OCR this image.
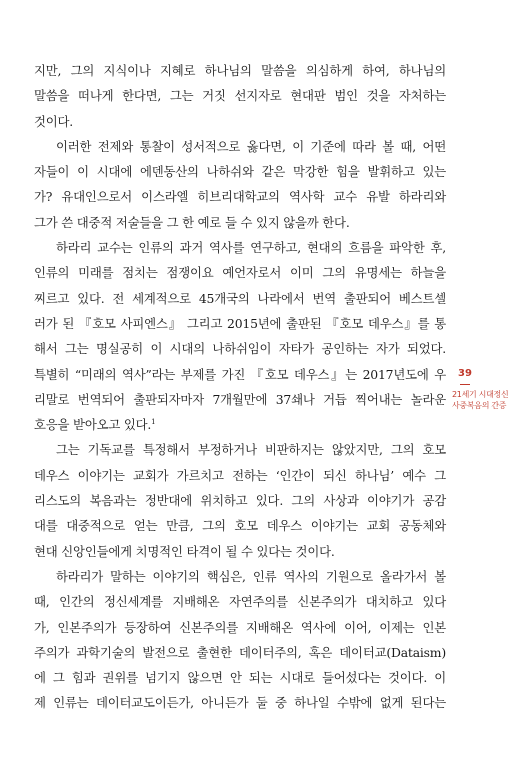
지만, 그의 지식이나 지혜로 하나님의 말씀을 의심하게 하여, 하나님의
말씀을 떠나게 한다면, 그는 거짓 선지자로 현대판 범인 것을 자처하는
것이다.
이러한 전제와 통찰이 성서적으로 옳다면, 이 기준에 따라 볼 때, 어떤
자들이 이 시대에 에덴동산의 나하쉬와 같은 막강한 힘을 발휘하고 있는
가? 유대인으로서 이스라엘 히브리대학교의 역사학 교수 유발 하라리와
그가 쓴 대중적 저술들을 그 한 예로 들 수 있지 않을까 한다.
하라리 교수는 인류의 과거 역사를 연구하고, 현대의 흐름을 파악한 후,
인류의 미래를 점치는 점쟁이요 예언자로서 이미 그의 유명세는 하늘을
찌르고 있다. 전 세계적으로 45개국의 나라에서 번역 출판되어 베스트셀
러가 된 『호모 사피엔스』 그리고 2015년에 출판된 『호모 데우스』를 통
해서 그는 명실공히 이 시대의 나하쉬임이 자타가 공인하는 자가 되었다.
특별히 “미래의 역사”라는 부제를 가진 『호모 데우스』는 2017년도에 우
리말로 번역되어 출판되자마자 7개월만에 37쇄나 거듭 찍어내는 놀라운
호응을 받아오고 있다.$^1$
그는 기독교를 특정해서 부정하거나 비판하지는 않았지만, 그의 호모
데우스 이야기는 교회가 가르치고 전하는 ‘인간이 되신 하나님’ 예수 그
리스도의 복음과는 정반대에 위치하고 있다. 그의 사상과 이야기가 공감
대를 대중적으로 얻는 만큼, 그의 호모 데우스 이야기는 교회 공동체와
현대 신앙인들에게 치명적인 타격이 될 수 있다는 것이다.
하라리가 말하는 이야기의 핵심은, 인류 역사의 기원으로 올라가서 볼
때, 인간의 정신세계를 지배해온 자연주의를 신본주의가 대치하고 있다
가, 인본주의가 등장하여 신본주의를 지배해온 역사에 이어, 이제는 인본
주의가 과학기술의 발전으로 출현한 데이터주의, 혹은 데이터교(Dataism)
에 그 힘과 권위를 넘기지 않으면 안 되는 시대로 들어섰다는 것이다. 이
제 인류는 데이터교도이든가, 아니든가 둘 중 하나일 수밖에 없게 된다는
39
21세기 시대정신
사중복음의 간증
